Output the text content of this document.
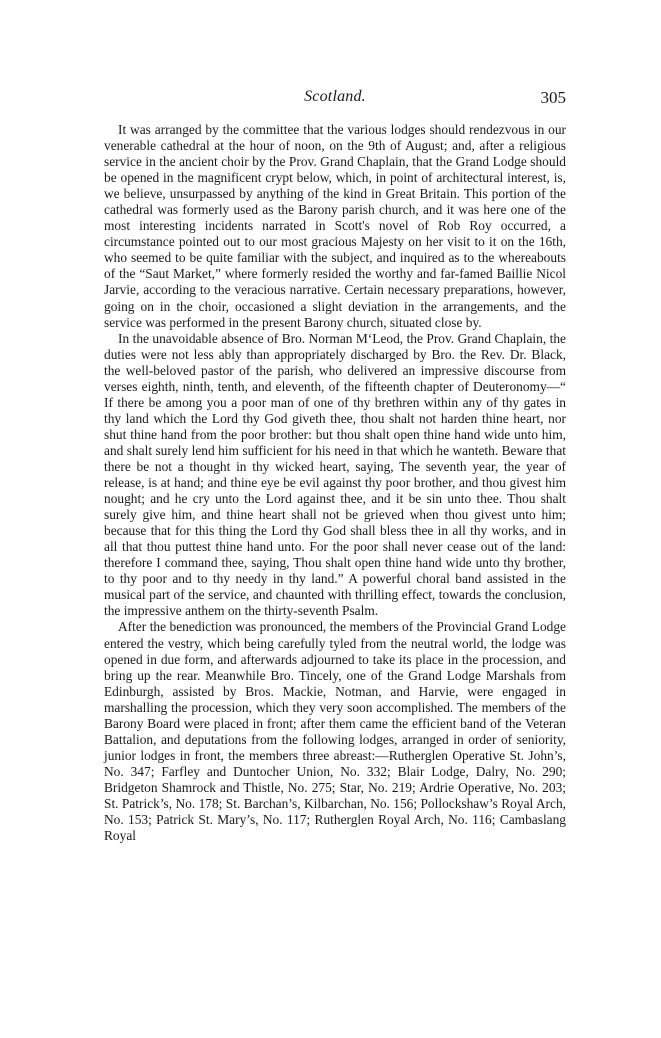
Scotland.	305

It was arranged by the committee that the various lodges should rendezvous in our venerable cathedral at the hour of noon, on the 9th of August; and, after a religious service in the ancient choir by the Prov. Grand Chaplain, that the Grand Lodge should be opened in the magnificent crypt below, which, in point of architectural interest, is, we believe, unsurpassed by anything of the kind in Great Britain. This portion of the cathedral was formerly used as the Barony parish church, and it was here one of the most interesting incidents narrated in Scott's novel of Rob Roy occurred, a circumstance pointed out to our most gracious Majesty on her visit to it on the 16th, who seemed to be quite familiar with the subject, and inquired as to the whereabouts of the “Saut Market,” where formerly resided the worthy and far-famed Baillie Nicol Jarvie, according to the veracious narrative. Certain necessary preparations, however, going on in the choir, occasioned a slight deviation in the arrangements, and the service was performed in the present Barony church, situated close by.

In the unavoidable absence of Bro. Norman M‘Leod, the Prov. Grand Chaplain, the duties were not less ably than appropriately discharged by Bro. the Rev. Dr. Black, the well-beloved pastor of the parish, who delivered an impressive discourse from verses eighth, ninth, tenth, and eleventh, of the fifteenth chapter of Deuteronomy—“ If there be among you a poor man of one of thy brethren within any of thy gates in thy land which the Lord thy God giveth thee, thou shalt not harden thine heart, nor shut thine hand from the poor brother: but thou shalt open thine hand wide unto him, and shalt surely lend him sufficient for his need in that which he wanteth. Beware that there be not a thought in thy wicked heart, saying, The seventh year, the year of release, is at hand; and thine eye be evil against thy poor brother, and thou givest him nought; and he cry unto the Lord against thee, and it be sin unto thee. Thou shalt surely give him, and thine heart shall not be grieved when thou givest unto him; because that for this thing the Lord thy God shall bless thee in all thy works, and in all that thou puttest thine hand unto. For the poor shall never cease out of the land: therefore I command thee, saying, Thou shalt open thine hand wide unto thy brother, to thy poor and to thy needy in thy land.” A powerful choral band assisted in the musical part of the service, and chaunted with thrilling effect, towards the conclusion, the impressive anthem on the thirty-seventh Psalm.

After the benediction was pronounced, the members of the Provincial Grand Lodge entered the vestry, which being carefully tyled from the neutral world, the lodge was opened in due form, and afterwards adjourned to take its place in the procession, and bring up the rear. Meanwhile Bro. Tincely, one of the Grand Lodge Marshals from Edinburgh, assisted by Bros. Mackie, Notman, and Harvie, were engaged in marshalling the procession, which they very soon accomplished. The members of the Barony Board were placed in front; after them came the efficient band of the Veteran Battalion, and deputations from the following lodges, arranged in order of seniority, junior lodges in front, the members three abreast:—Rutherglen Operative St. John’s, No. 347; Farfley and Duntocher Union, No. 332; Blair Lodge, Dalry, No. 290; Bridgeton Shamrock and Thistle, No. 275; Star, No. 219; Ardrie Operative, No. 203; St. Patrick’s, No. 178; St. Barchan’s, Kilbarchan, No. 156; Pollockshaw’s Royal Arch, No. 153; Patrick St. Mary’s, No. 117; Rutherglen Royal Arch, No. 116; Cambaslang Royal
